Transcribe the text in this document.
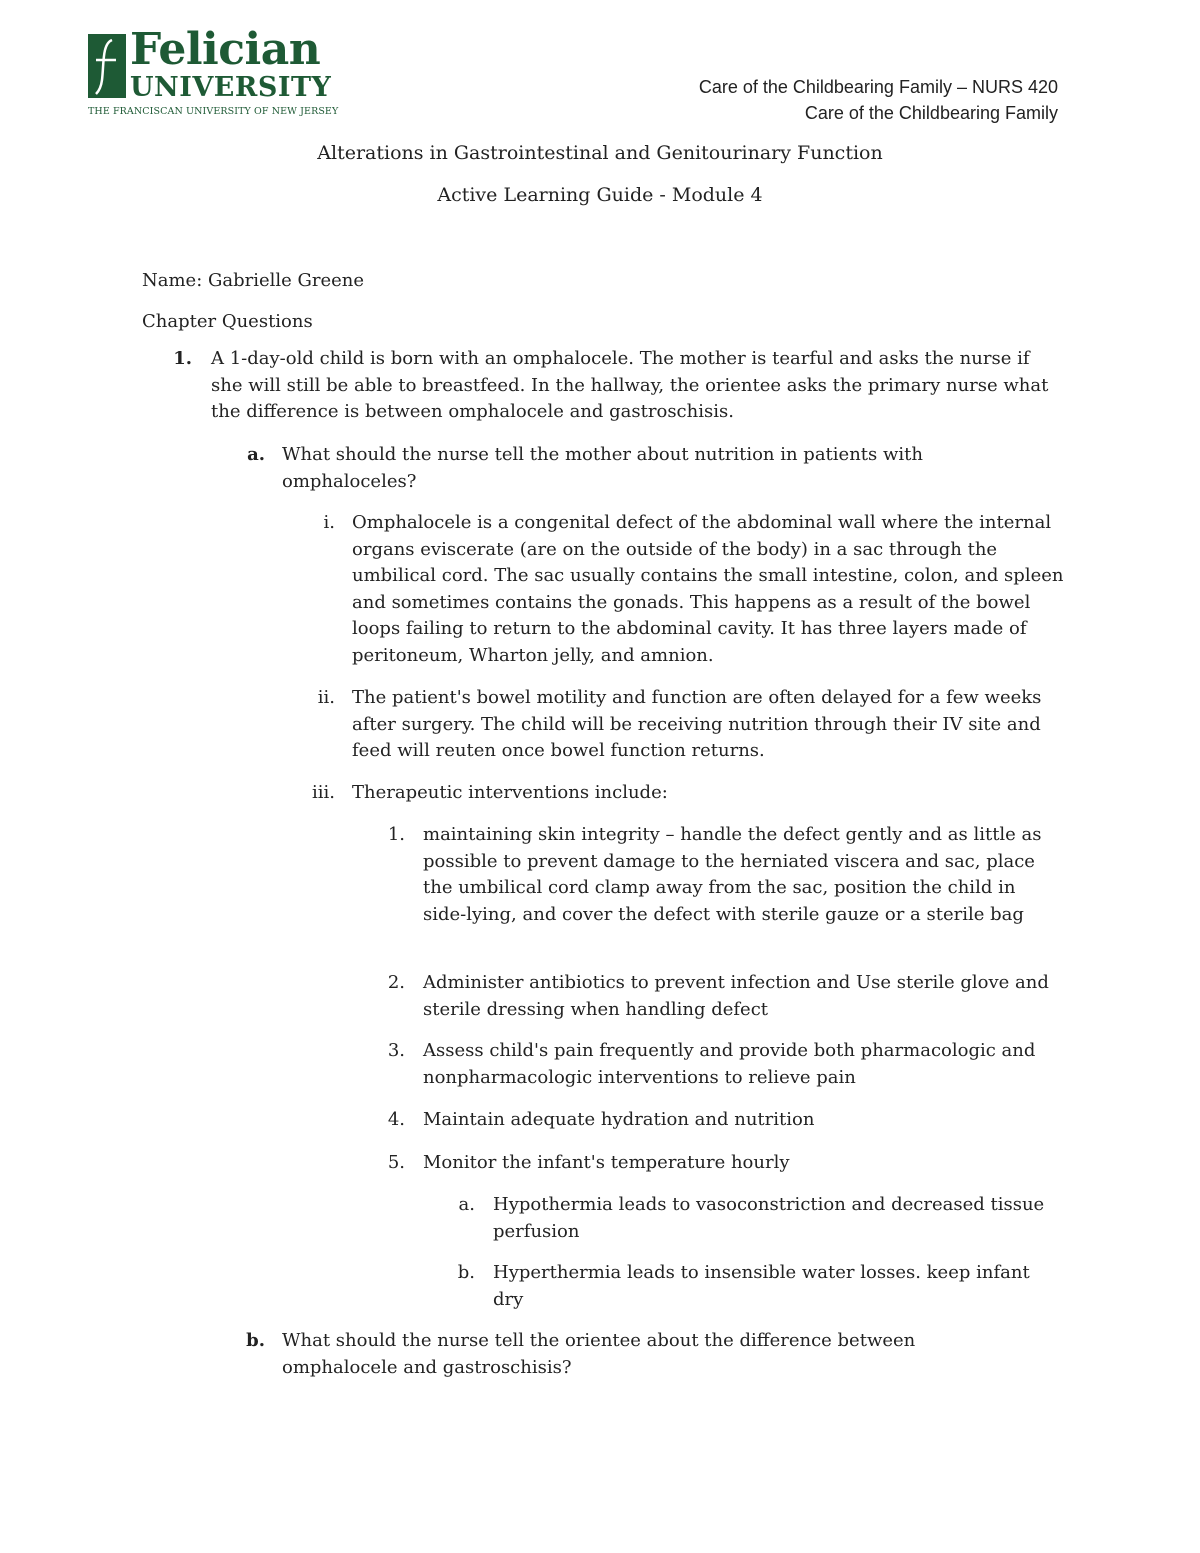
Felician
UNIVERSITY
THE FRANCISCAN UNIVERSITY OF NEW JERSEY
Care of the Childbearing Family – NURS 420
Care of the Childbearing Family
Alterations in Gastrointestinal and Genitourinary Function
Active Learning Guide - Module 4
Name: Gabrielle Greene
Chapter Questions
1. A 1-day-old child is born with an omphalocele. The mother is tearful and asks the nurse if she will still be able to breastfeed. In the hallway, the orientee asks the primary nurse what the difference is between omphalocele and gastroschisis.
a. What should the nurse tell the mother about nutrition in patients with omphaloceles?
i. Omphalocele is a congenital defect of the abdominal wall where the internal organs eviscerate (are on the outside of the body) in a sac through the umbilical cord. The sac usually contains the small intestine, colon, and spleen and sometimes contains the gonads. This happens as a result of the bowel loops failing to return to the abdominal cavity. It has three layers made of peritoneum, Wharton jelly, and amnion.
ii. The patient's bowel motility and function are often delayed for a few weeks after surgery. The child will be receiving nutrition through their IV site and feed will reuten once bowel function returns.
iii. Therapeutic interventions include:
1. maintaining skin integrity – handle the defect gently and as little as possible to prevent damage to the herniated viscera and sac, place the umbilical cord clamp away from the sac, position the child in side-lying, and cover the defect with sterile gauze or a sterile bag
2. Administer antibiotics to prevent infection and Use sterile glove and sterile dressing when handling defect
3. Assess child's pain frequently and provide both pharmacologic and nonpharmacologic interventions to relieve pain
4. Maintain adequate hydration and nutrition
5. Monitor the infant's temperature hourly
a. Hypothermia leads to vasoconstriction and decreased tissue perfusion
b. Hyperthermia leads to insensible water losses. keep infant dry
b. What should the nurse tell the orientee about the difference between omphalocele and gastroschisis?
